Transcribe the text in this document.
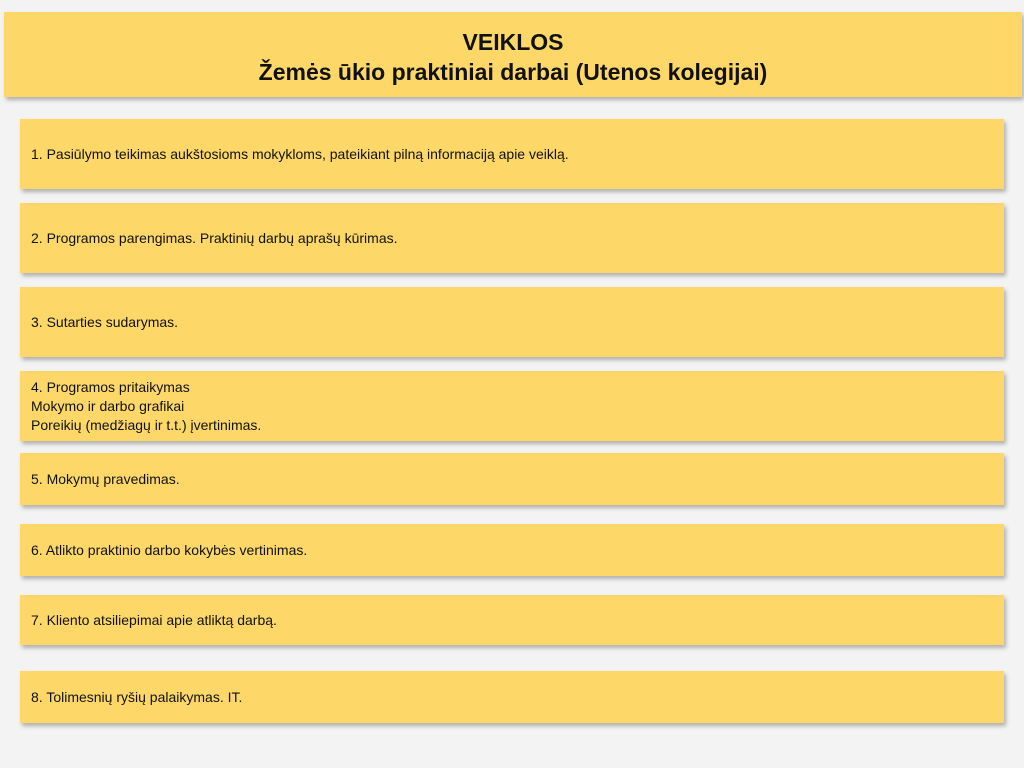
VEIKLOS
Žemės ūkio praktiniai darbai (Utenos kolegijai)
1. Pasiūlymo teikimas aukštosioms mokykloms, pateikiant pilną informaciją apie veiklą.
2. Programos parengimas. Praktinių darbų aprašų kūrimas.
3. Sutarties sudarymas.
4. Programos pritaikymas
Mokymo ir darbo grafikai
Poreikių (medžiagų ir t.t.) įvertinimas.
5. Mokymų pravedimas.
6. Atlikto praktinio darbo kokybės vertinimas.
7. Kliento atsiliepimai apie atliktą darbą.
8. Tolimesnių ryšių palaikymas. IT.
